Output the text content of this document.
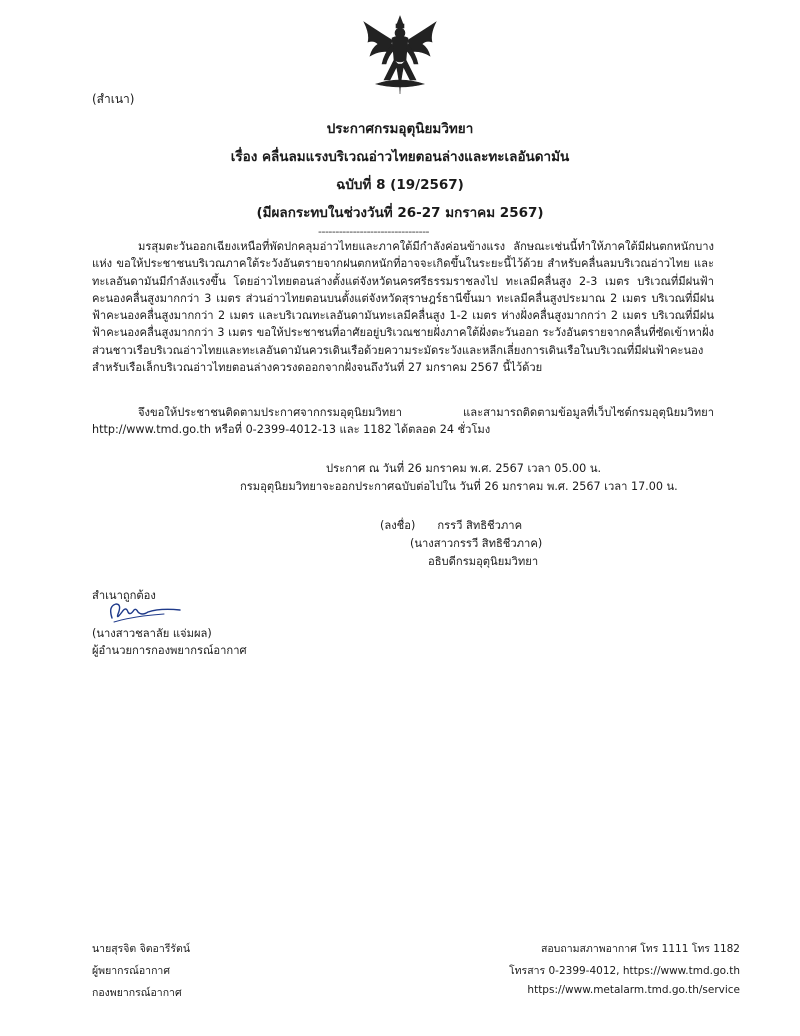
(สำเนา)
ประกาศกรมอุตุนิยมวิทยา
เรื่อง คลื่นลมแรงบริเวณอ่าวไทยตอนล่างและทะเลอันดามัน
ฉบับที่ 8 (19/2567)
(มีผลกระทบในช่วงวันที่ 26-27 มกราคม 2567)
--------------------------------
มรสุมตะวันออกเฉียงเหนือที่พัดปกคลุมอ่าวไทยและภาคใต้มีกำลังค่อนข้างแรง ลักษณะเช่นนี้ทำให้ภาคใต้มีฝนตกหนักบางแห่ง ขอให้ประชาชนบริเวณภาคใต้ระวังอันตรายจากฝนตกหนักที่อาจจะเกิดขึ้นในระยะนี้ไว้ด้วย สำหรับคลื่นลมบริเวณอ่าวไทย และทะเลอันดามันมีกำลังแรงขึ้น โดยอ่าวไทยตอนล่างตั้งแต่จังหวัดนครศรีธรรมราชลงไป ทะเลมีคลื่นสูง 2-3 เมตร บริเวณที่มีฝนฟ้าคะนองคลื่นสูงมากกว่า 3 เมตร ส่วนอ่าวไทยตอนบนตั้งแต่จังหวัดสุราษฎร์ธานีขึ้นมา ทะเลมีคลื่นสูงประมาณ 2 เมตร บริเวณที่มีฝนฟ้าคะนองคลื่นสูงมากกว่า 2 เมตร และบริเวณทะเลอันดามันทะเลมีคลื่นสูง 1-2 เมตร ห่างฝั่งคลื่นสูงมากกว่า 2 เมตร บริเวณที่มีฝนฟ้าคะนองคลื่นสูงมากกว่า 3 เมตร ขอให้ประชาชนที่อาศัยอยู่บริเวณชายฝั่งภาคใต้ฝั่งตะวันออก ระวังอันตรายจากคลื่นที่ซัดเข้าหาฝั่ง ส่วนชาวเรือบริเวณอ่าวไทยและทะเลอันดามันควรเดินเรือด้วยความระมัดระวังและหลีกเลี่ยงการเดินเรือในบริเวณที่มีฝนฟ้าคะนอง สำหรับเรือเล็กบริเวณอ่าวไทยตอนล่างควรงดออกจากฝั่งจนถึงวันที่ 27 มกราคม 2567 นี้ไว้ด้วย
จึงขอให้ประชาชนติดตามประกาศจากกรมอุตุนิยมวิทยา และสามารถติดตามข้อมูลที่เว็บไซต์กรมอุตุนิยมวิทยา http://www.tmd.go.th หรือที่ 0-2399-4012-13 และ 1182 ได้ตลอด 24 ชั่วโมง
ประกาศ ณ วันที่ 26 มกราคม พ.ศ. 2567 เวลา 05.00 น.
กรมอุตุนิยมวิทยาจะออกประกาศฉบับต่อไปใน วันที่ 26 มกราคม พ.ศ. 2567 เวลา 17.00 น.
(ลงชื่อ) กรรวี สิทธิชีวภาค
(นางสาวกรรวี สิทธิชีวภาค)
อธิบดีกรมอุตุนิยมวิทยา
สำเนาถูกต้อง
(นางสาวชลาลัย แจ่มผล)
ผู้อำนวยการกองพยากรณ์อากาศ
นายสุรจิต จิตอารีรัตน์
ผู้พยากรณ์อากาศ
กองพยากรณ์อากาศ
สอบถามสภาพอากาศ โทร 1111 โทร 1182
โทรสาร 0-2399-4012, https://www.tmd.go.th
https://www.metalarm.tmd.go.th/service
